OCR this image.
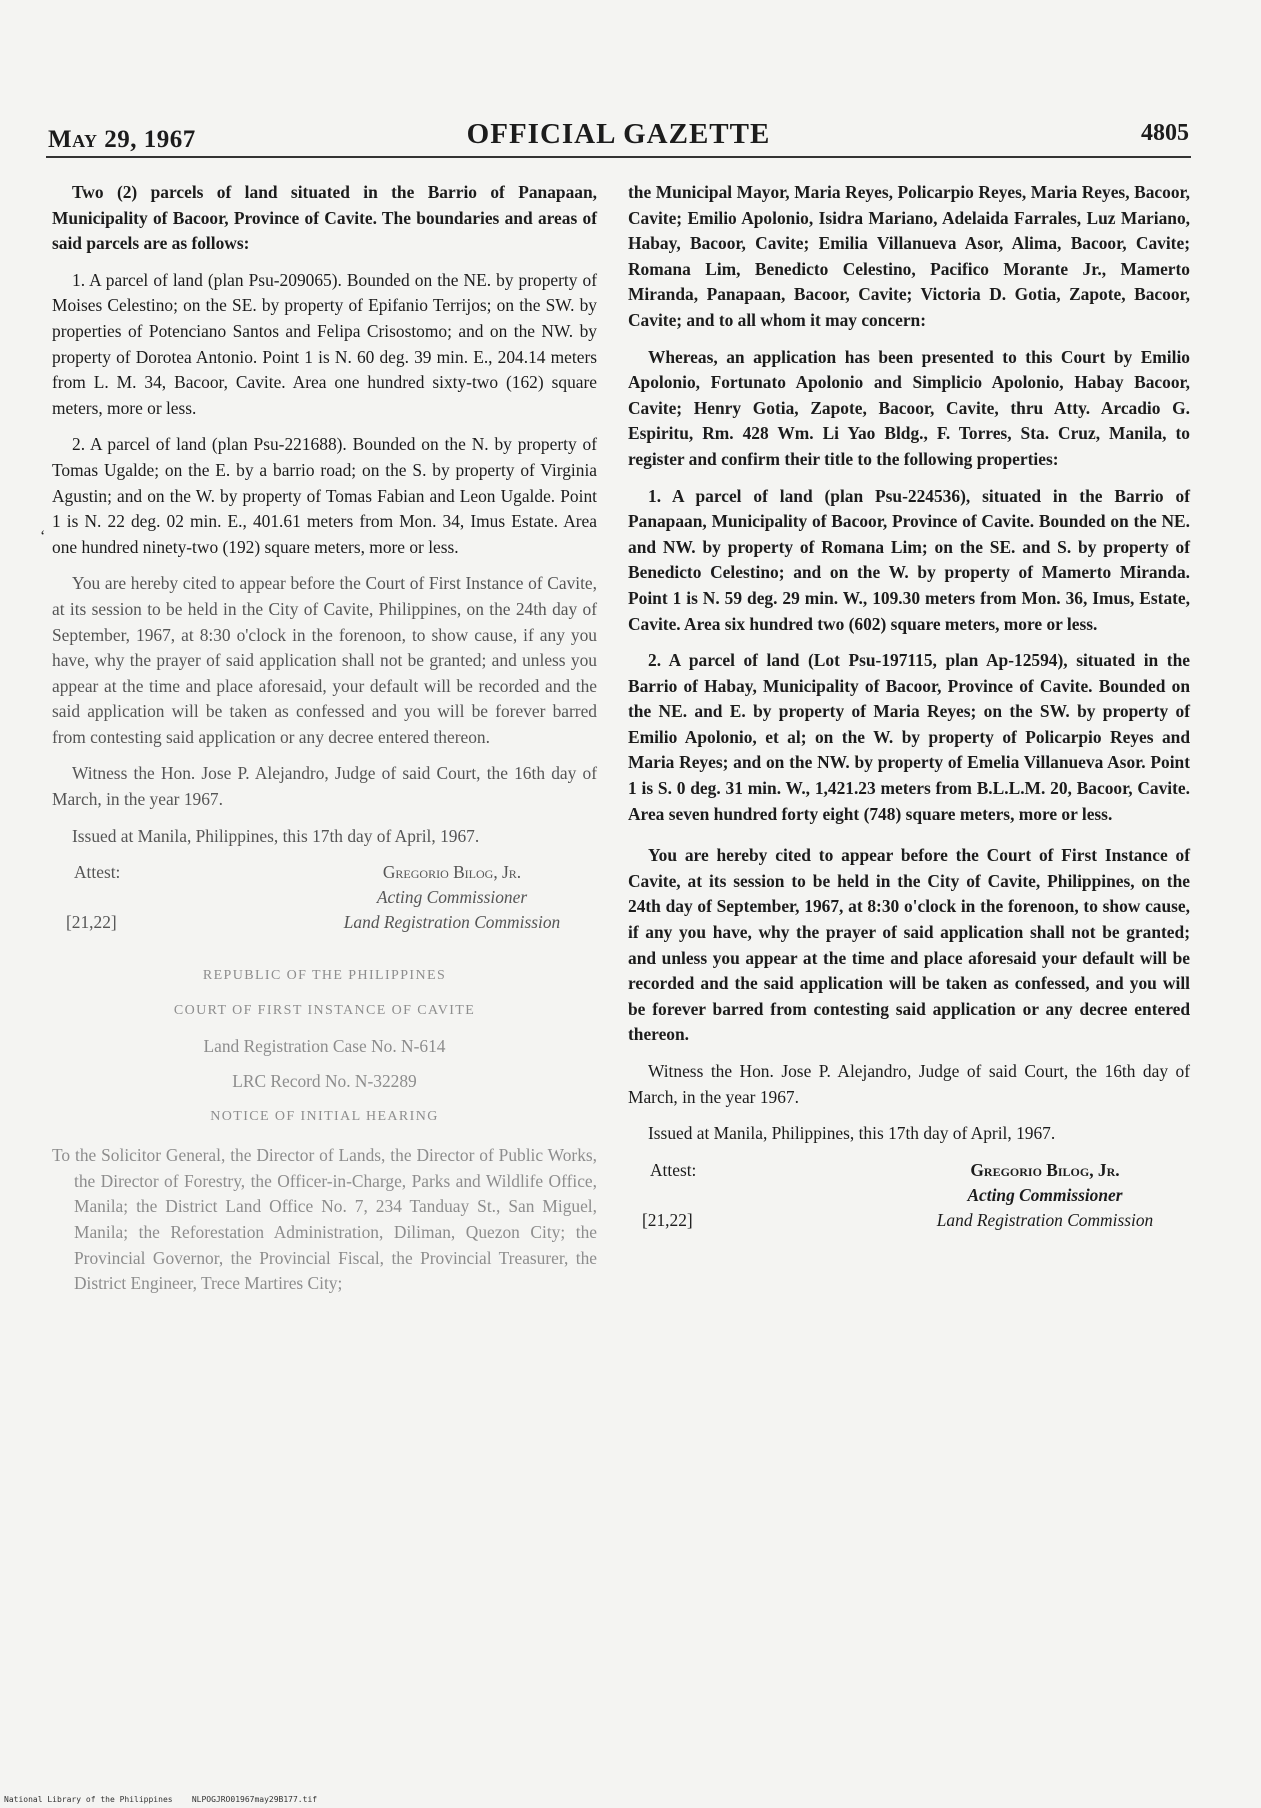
May 29, 1967	OFFICIAL GAZETTE	4805
‘

Two (2) parcels of land situated in the Barrio of Panapaan, Municipality of Bacoor, Province of Cavite. The boundaries and areas of said parcels are as follows:

1. A parcel of land (plan Psu-209065). Bounded on the NE. by property of Moises Celestino; on the SE. by property of Epifanio Terrijos; on the SW. by properties of Potenciano Santos and Felipa Crisostomo; and on the NW. by property of Dorotea Antonio. Point 1 is N. 60 deg. 39 min. E., 204.14 meters from L. M. 34, Bacoor, Cavite. Area one hundred sixty-two (162) square meters, more or less.

2. A parcel of land (plan Psu-221688). Bounded on the N. by property of Tomas Ugalde; on the E. by a barrio road; on the S. by property of Virginia Agustin; and on the W. by property of Tomas Fabian and Leon Ugalde. Point 1 is N. 22 deg. 02 min. E., 401.61 meters from Mon. 34, Imus Estate. Area one hundred ninety-two (192) square meters, more or less.

You are hereby cited to appear before the Court of First Instance of Cavite, at its session to be held in the City of Cavite, Philippines, on the 24th day of September, 1967, at 8:30 o'clock in the forenoon, to show cause, if any you have, why the prayer of said application shall not be granted; and unless you appear at the time and place aforesaid, your default will be recorded and the said application will be taken as confessed and you will be forever barred from contesting said application or any decree entered thereon.

Witness the Hon. Jose P. Alejandro, Judge of said Court, the 16th day of March, in the year 1967.

Issued at Manila, Philippines, this 17th day of April, 1967.

Attest:
[21,22]
Gregorio Bilog, Jr.
Acting Commissioner
Land Registration Commission

REPUBLIC OF THE PHILIPPINES

COURT OF FIRST INSTANCE OF CAVITE

Land Registration Case No. N-614

LRC Record No. N-32289

NOTICE OF INITIAL HEARING

To the Solicitor General, the Director of Lands, the Director of Public Works, the Director of Forestry, the Officer-in-Charge, Parks and Wildlife Office, Manila; the District Land Office No. 7, 234 Tanduay St., San Miguel, Manila; the Reforestation Administration, Diliman, Quezon City; the Provincial Governor, the Provincial Fiscal, the Provincial Treasurer, the District Engineer, Trece Martires City;

the Municipal Mayor, Maria Reyes, Policarpio Reyes, Maria Reyes, Bacoor, Cavite; Emilio Apolonio, Isidra Mariano, Adelaida Farrales, Luz Mariano, Habay, Bacoor, Cavite; Emilia Villanueva Asor, Alima, Bacoor, Cavite; Romana Lim, Benedicto Celestino, Pacifico Morante Jr., Mamerto Miranda, Panapaan, Bacoor, Cavite; Victoria D. Gotia, Zapote, Bacoor, Cavite; and to all whom it may concern:

Whereas, an application has been presented to this Court by Emilio Apolonio, Fortunato Apolonio and Simplicio Apolonio, Habay Bacoor, Cavite; Henry Gotia, Zapote, Bacoor, Cavite, thru Atty. Arcadio G. Espiritu, Rm. 428 Wm. Li Yao Bldg., F. Torres, Sta. Cruz, Manila, to register and confirm their title to the following properties:

1. A parcel of land (plan Psu-224536), situated in the Barrio of Panapaan, Municipality of Bacoor, Province of Cavite. Bounded on the NE. and NW. by property of Romana Lim; on the SE. and S. by property of Benedicto Celestino; and on the W. by property of Mamerto Miranda. Point 1 is N. 59 deg. 29 min. W., 109.30 meters from Mon. 36, Imus, Estate, Cavite. Area six hundred two (602) square meters, more or less.

2. A parcel of land (Lot Psu-197115, plan Ap-12594), situated in the Barrio of Habay, Municipality of Bacoor, Province of Cavite. Bounded on the NE. and E. by property of Maria Reyes; on the SW. by property of Emilio Apolonio, et al; on the W. by property of Policarpio Reyes and Maria Reyes; and on the NW. by property of Emelia Villanueva Asor. Point 1 is S. 0 deg. 31 min. W., 1,421.23 meters from B.L.L.M. 20, Bacoor, Cavite. Area seven hundred forty eight (748) square meters, more or less.

You are hereby cited to appear before the Court of First Instance of Cavite, at its session to be held in the City of Cavite, Philippines, on the 24th day of September, 1967, at 8:30 o'clock in the forenoon, to show cause, if any you have, why the prayer of said application shall not be granted; and unless you appear at the time and place aforesaid your default will be recorded and the said application will be taken as confessed, and you will be forever barred from contesting said application or any decree entered thereon.

Witness the Hon. Jose P. Alejandro, Judge of said Court, the 16th day of March, in the year 1967.

Issued at Manila, Philippines, this 17th day of April, 1967.

Attest:
[21,22]
Gregorio Bilog, Jr.
Acting Commissioner
Land Registration Commission
National Library of the Philippines NLPOGJRO01967may29B177.tif
